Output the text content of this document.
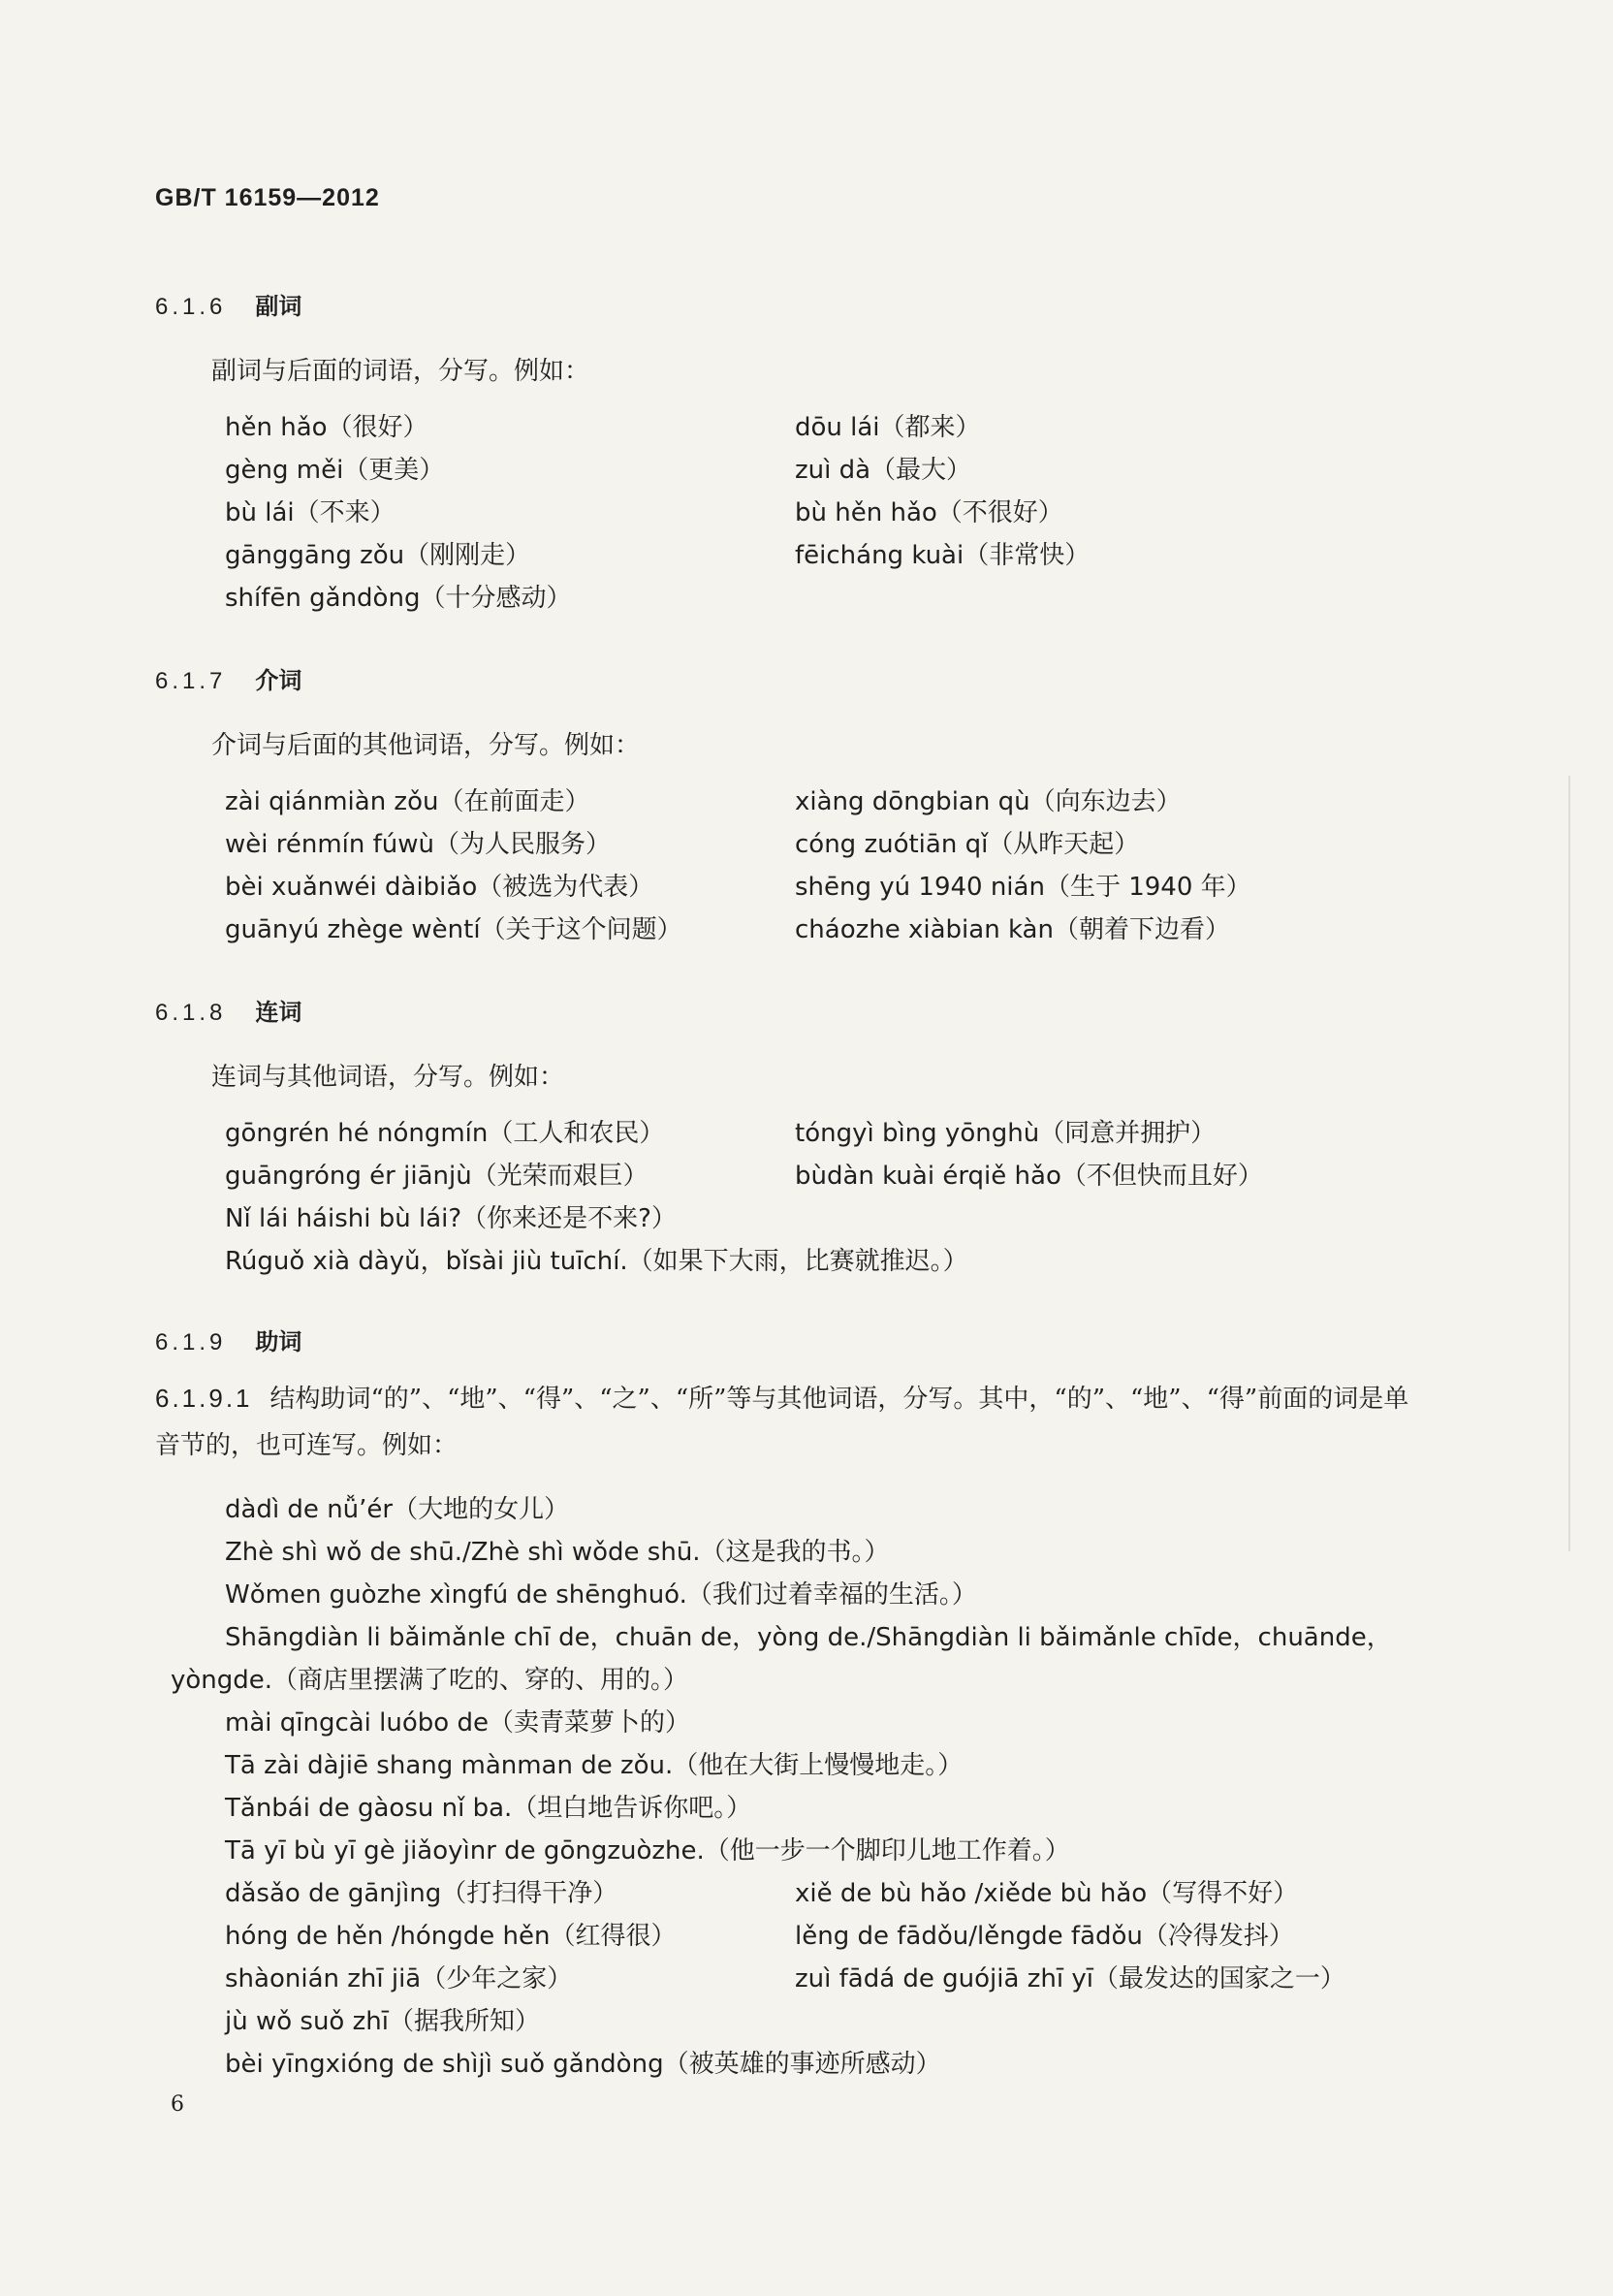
GB/T 16159—2012
6.1.6 副词
副词与后面的词语，分写。例如：
hěn hǎo（很好）
gèng měi（更美）
bù lái（不来）
gānggāng zǒu（刚刚走）
shífēn gǎndòng（十分感动）
dōu lái（都来）
zuì dà（最大）
bù hěn hǎo（不很好）
fēicháng kuài（非常快）
6.1.7 介词
介词与后面的其他词语，分写。例如：
zài qiánmiàn zǒu（在前面走）
wèi rénmín fúwù（为人民服务）
bèi xuǎnwéi dàibiǎo（被选为代表）
guānyú zhège wèntí（关于这个问题）
xiàng dōngbian qù（向东边去）
cóng zuótiān qǐ（从昨天起）
shēng yú 1940 nián（生于 1940 年）
cháozhe xiàbian kàn（朝着下边看）
6.1.8 连词
连词与其他词语，分写。例如：
gōngrén hé nóngmín（工人和农民）
guāngróng ér jiānjù（光荣而艰巨）
tóngyì bìng yōnghù（同意并拥护）
bùdàn kuài érqiě hǎo（不但快而且好）
Nǐ lái háishi bù lái?（你来还是不来?）
Rúguǒ xià dàyǔ，bǐsài jiù tuīchí.（如果下大雨，比赛就推迟。）
6.1.9 助词
6.1.9.1 结构助词“的”、“地”、“得”、“之”、“所”等与其他词语，分写。其中，“的”、“地”、“得”前面的词是单音节的，也可连写。例如：
dàdì de nǚ’ér（大地的女儿）
Zhè shì wǒ de shū./Zhè shì wǒde shū.（这是我的书。）
Wǒmen guòzhe xìngfú de shēnghuó.（我们过着幸福的生活。）
Shāngdiàn li bǎimǎnle chī de，chuān de，yòng de./Shāngdiàn li bǎimǎnle chīde，chuānde，
yòngde.（商店里摆满了吃的、穿的、用的。）
mài qīngcài luóbo de（卖青菜萝卜的）
Tā zài dàjiē shang mànman de zǒu.（他在大街上慢慢地走。）
Tǎnbái de gàosu nǐ ba.（坦白地告诉你吧。）
Tā yī bù yī gè jiǎoyìnr de gōngzuòzhe.（他一步一个脚印儿地工作着。）
dǎsǎo de gānjìng（打扫得干净）
hóng de hěn /hóngde hěn（红得很）
shàonián zhī jiā（少年之家）
xiě de bù hǎo /xiěde bù hǎo（写得不好）
lěng de fādǒu/lěngde fādǒu（冷得发抖）
zuì fādá de guójiā zhī yī（最发达的国家之一）
jù wǒ suǒ zhī（据我所知）
bèi yīngxióng de shìjì suǒ gǎndòng（被英雄的事迹所感动）
6
